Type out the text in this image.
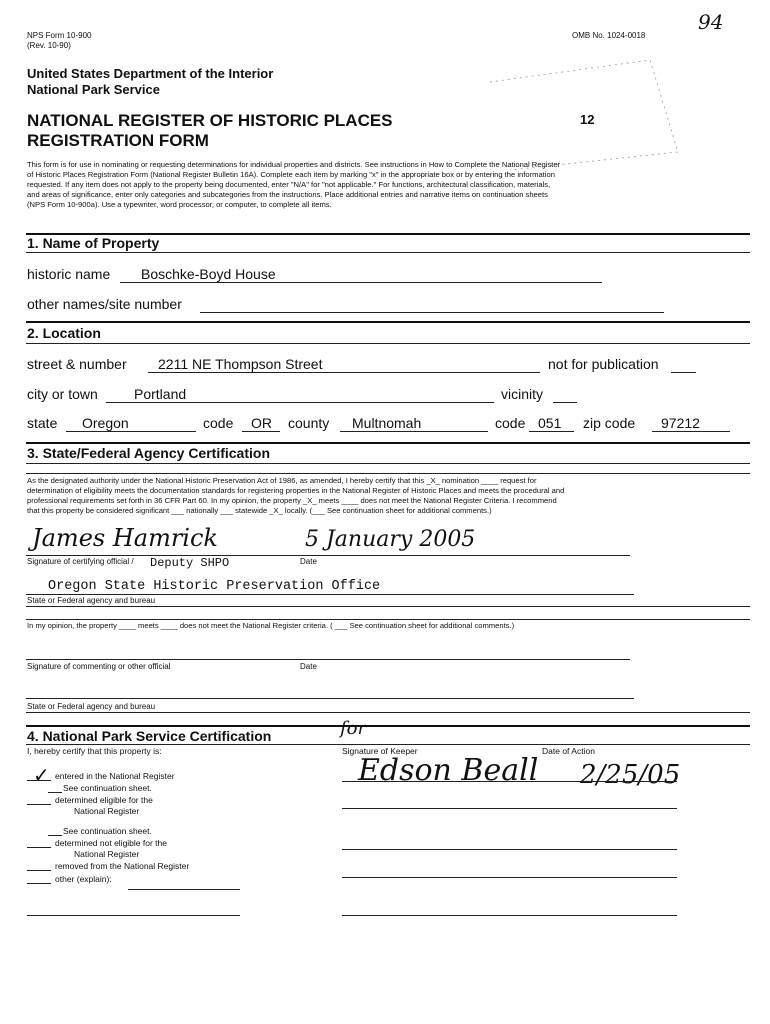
NPS Form 10-900
(Rev. 10-90)
OMB No. 1024-0018
94
United States Department of the Interior
National Park Service
NATIONAL REGISTER OF HISTORIC PLACES
REGISTRATION FORM
12
This form is for use in nominating or requesting determinations for individual properties and districts. See instructions in How to Complete the National Register
of Historic Places Registration Form (National Register Bulletin 16A). Complete each item by marking "x" in the appropriate box or by entering the information
requested. If any item does not apply to the property being documented, enter "N/A" for "not applicable." For functions, architectural classification, materials,
and areas of significance, enter only categories and subcategories from the instructions. Place additional entries and narrative items on continuation sheets
(NPS Form 10-900a). Use a typewriter, word processor, or computer, to complete all items.
1. Name of Property
historic name Boschke-Boyd House
other names/site number
2. Location
street & number 2211 NE Thompson Street	not for publication
city or town	Portland	vicinity
state Oregon	code OR county Multnomah	code 051 zip code 97212
3. State/Federal Agency Certification
As the designated authority under the National Historic Preservation Act of 1986, as amended, I hereby certify that this _X_ nomination ____ request for
determination of eligibility meets the documentation standards for registering properties in the National Register of Historic Places and meets the procedural and
professional requirements set forth in 36 CFR Part 60. In my opinion, the property _X_ meets ____ does not meet the National Register Criteria. I recommend
that this property be considered significant ___ nationally ___ statewide _X_ locally. (___ See continuation sheet for additional comments.)
James Hamrick	5 January 2005
Signature of certifying official / Deputy SHPO	Date
Oregon State Historic Preservation Office
State or Federal agency and bureau
In my opinion, the property ____ meets ____ does not meet the National Register criteria. ( ___ See continuation sheet for additional comments.)
Signature of commenting or other official	Date
State or Federal agency and bureau
4. National Park Service Certification	for
I, hereby certify that this property is:	Signature of Keeper	Date of Action
Edson Beall 2/25/05
✓ entered in the National Register
See continuation sheet.
determined eligible for the
National Register
See continuation sheet.
determined not eligible for the
National Register
removed from the National Register
other (explain):
